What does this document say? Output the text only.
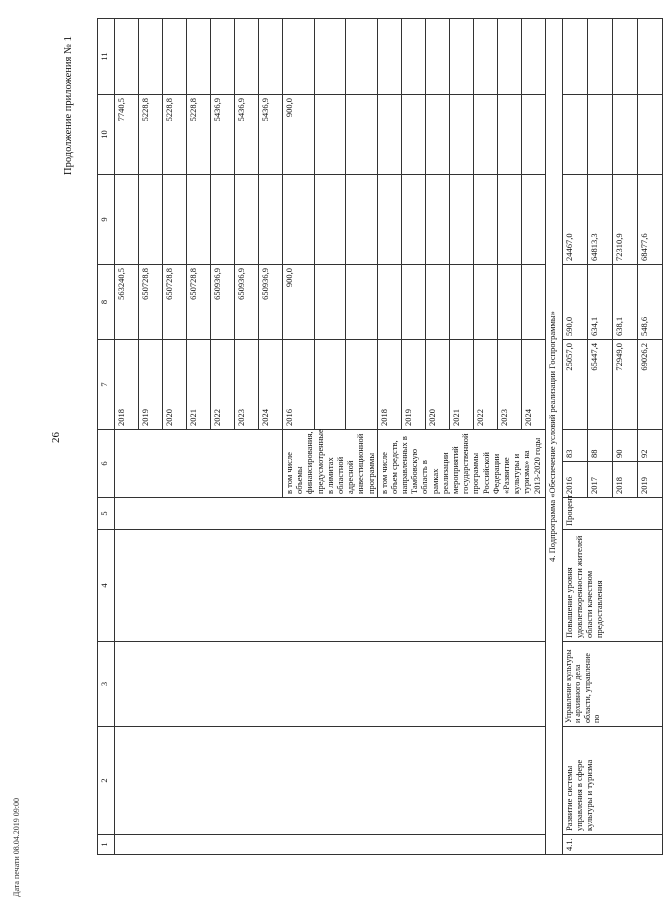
26
Продолжение приложения № 1
Дата печати 08.04.2019 09:00	1	2	3	4	5	6		7	8	9	10	11
							2018	563240,5		7740,5	
							2019	650728,8		5228,8	
							2020	650728,8		5228,8	
							2021	650728,8		5228,8	
							2022	650936,9		5436,9	
							2023	650936,9		5436,9	
							2024	650936,9		5436,9	
					в том числе объемы финансирования, предусмотренные в лимитах областной адресной инвестиционной программы		2016	900,0		900,0	

					в том числе объем средств, направленных в Тамбовскую область в рамках реализации мероприятий государственной программы Российской Федерации «Развитие культуры и туризма» на 2013-2020 годы		2018				
							2019				
							2020				
							2021				
							2022				
							2023				
							2024				
4. Подпрограмма «Обеспечение условий реализации Госпрограммы»											
4.1.	Развитие системы управления в сфере культуры и туризма	Управление культуры и архивного дела области, управление по	Повышение уровня удовлетворенности жителей области качеством предоставления	Процент	2016	83	25057,0	590,0	24467,0		
					2017	88	65447,4	634,1	64813,3		
					2018	90	72949,0	638,1	72310,9		
					2019	92	69026,2	548,6	68477,6		
